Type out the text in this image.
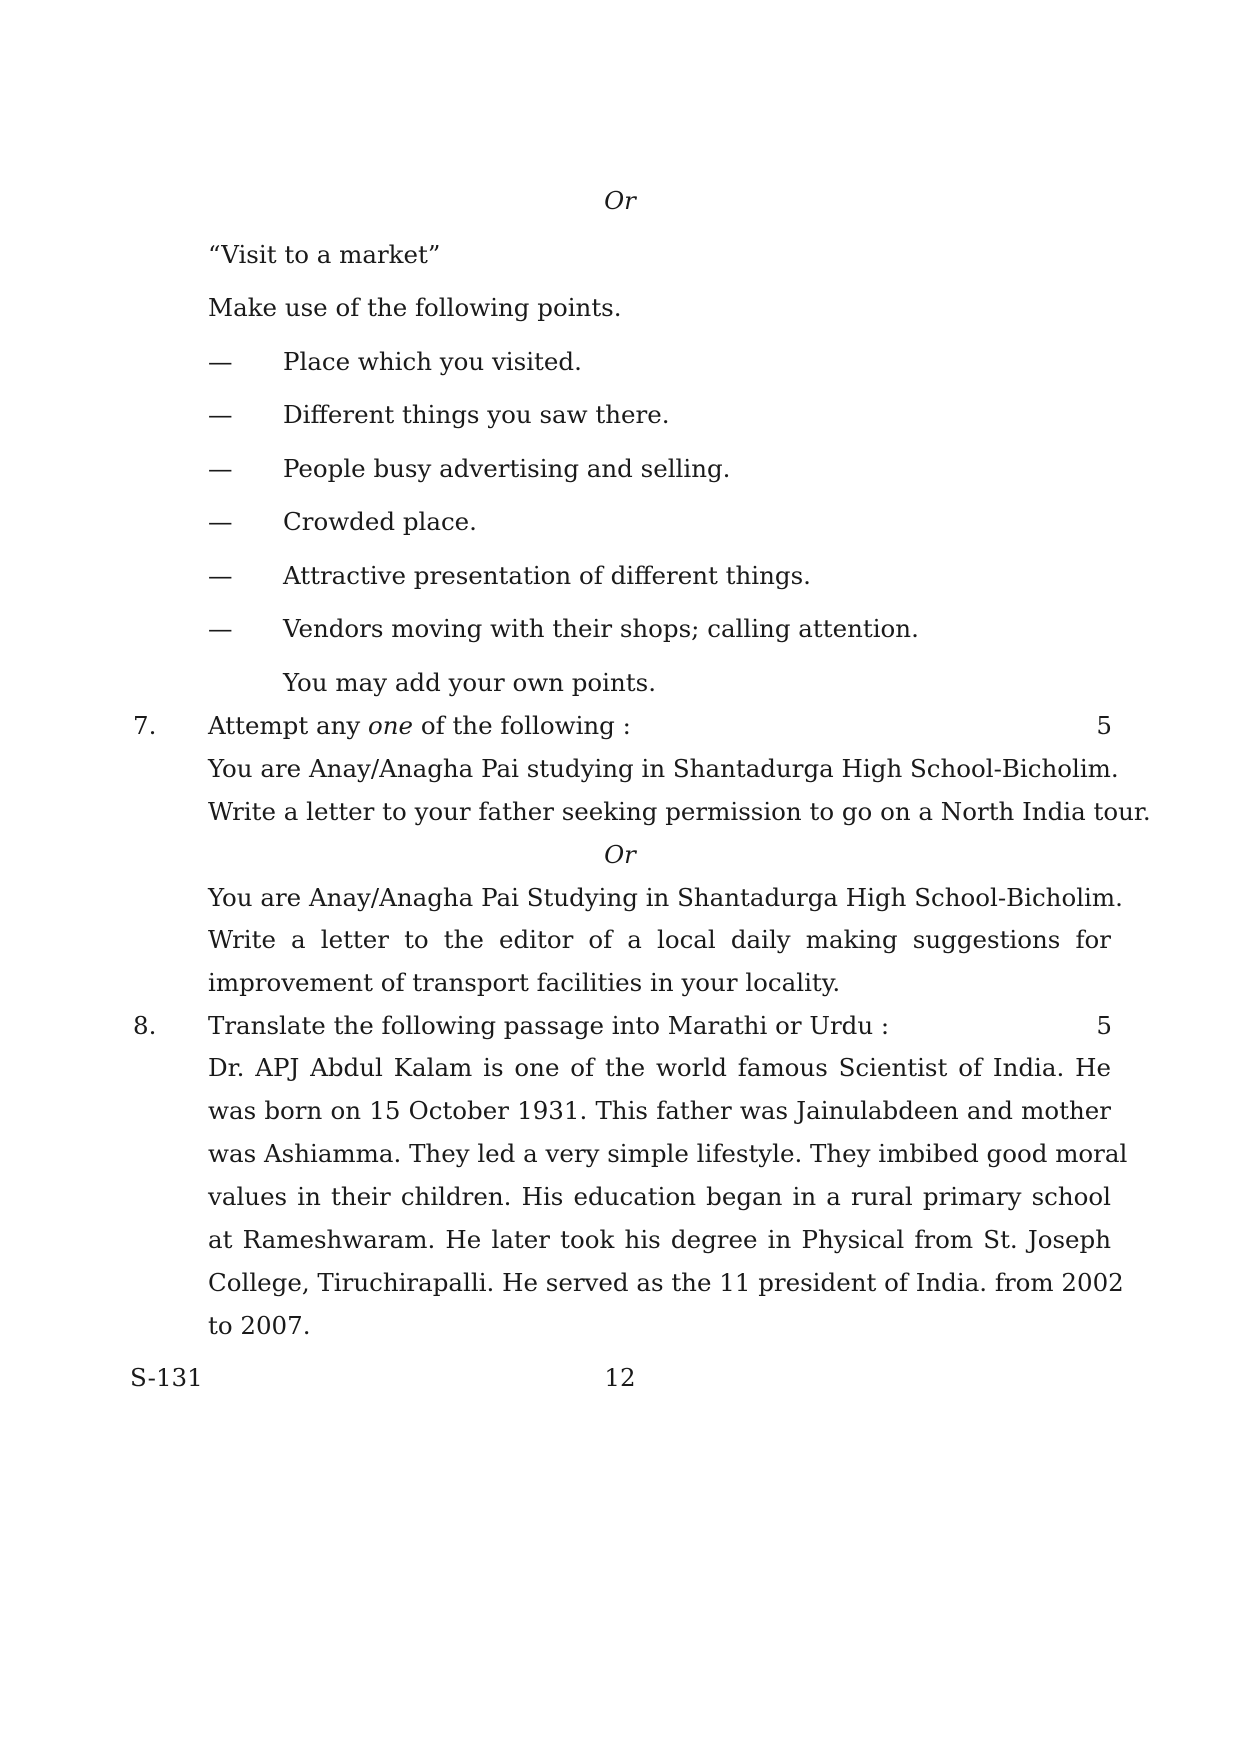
Or
“Visit to a market”
Make use of the following points.
— Place which you visited.
— Different things you saw there.
— People busy advertising and selling.
— Crowded place.
— Attractive presentation of different things.
— Vendors moving with their shops; calling attention.
You may add your own points.
7. Attempt any one of the following :	5
You are Anay/Anagha Pai studying in Shantadurga High School-Bicholim.
Write a letter to your father seeking permission to go on a North India tour.
Or
You are Anay/Anagha Pai Studying in Shantadurga High School-Bicholim.
Write a letter to the editor of a local daily making suggestions for
improvement of transport facilities in your locality.
8. Translate the following passage into Marathi or Urdu :	5
Dr. APJ Abdul Kalam is one of the world famous Scientist of India. He
was born on 15 October 1931. This father was Jainulabdeen and mother
was Ashiamma. They led a very simple lifestyle. They imbibed good moral
values in their children. His education began in a rural primary school
at Rameshwaram. He later took his degree in Physical from St. Joseph
College, Tiruchirapalli. He served as the 11 president of India. from 2002
to 2007.
S-131	12
